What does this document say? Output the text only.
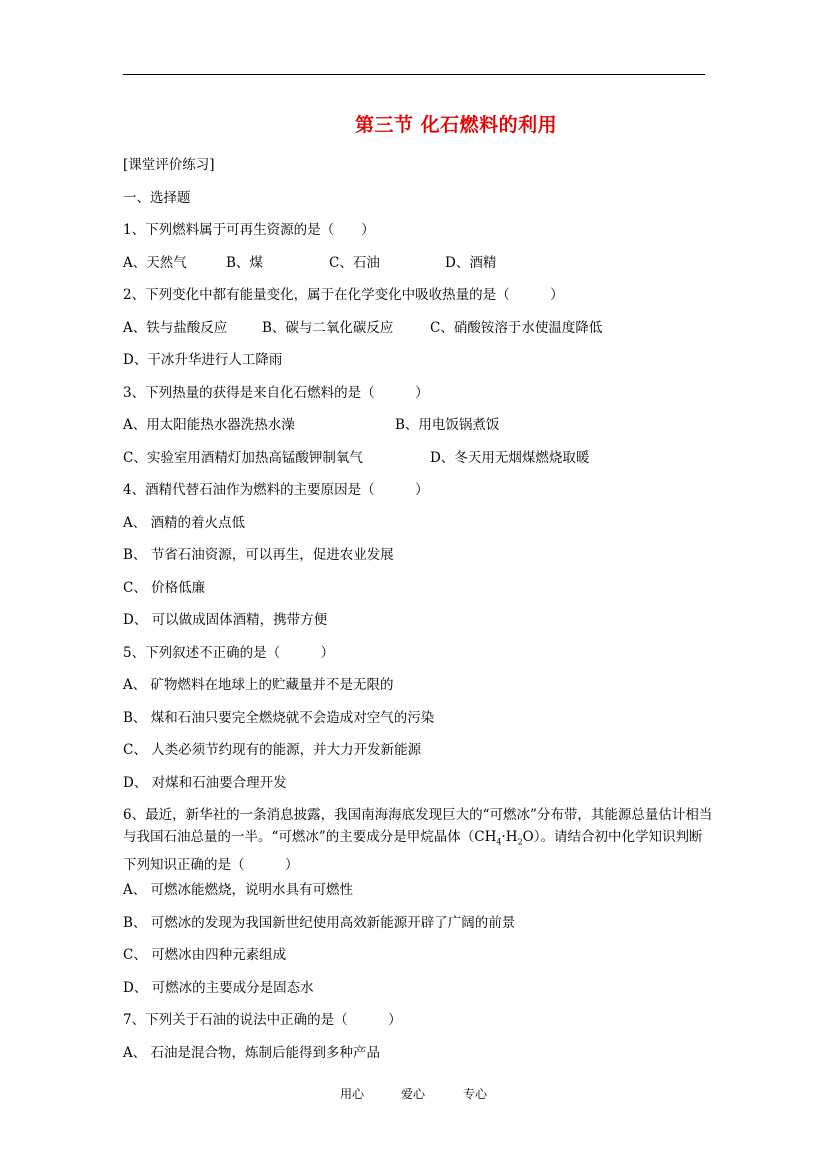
第三节 化石燃料的利用
[课堂评价练习]
一、选择题
1、下列燃料属于可再生资源的是（　　）
A、天然气	B、煤	C、石油	D、酒精
2、下列变化中都有能量变化，属于在化学变化中吸收热量的是（　　　）
A、铁与盐酸反应	B、碳与二氧化碳反应	C、硝酸铵溶于水使温度降低
D、干冰升华进行人工降雨
3、下列热量的获得是来自化石燃料的是（　　　）
A、用太阳能热水器洗热水澡	B、用电饭锅煮饭
C、实验室用酒精灯加热高锰酸钾制氧气	D、冬天用无烟煤燃烧取暖
4、酒精代替石油作为燃料的主要原因是（　　　）
A、 酒精的着火点低
B、 节省石油资源，可以再生，促进农业发展
C、 价格低廉
D、 可以做成固体酒精，携带方便
5、下列叙述不正确的是（　　　）
A、 矿物燃料在地球上的贮藏量并不是无限的
B、 煤和石油只要完全燃烧就不会造成对空气的污染
C、 人类必须节约现有的能源，并大力开发新能源
D、 对煤和石油要合理开发
6、最近，新华社的一条消息披露，我国南海海底发现巨大的“可燃冰”分布带，其能源总量估计相当与我国石油总量的一半。“可燃冰”的主要成分是甲烷晶体$(CH_4\cdot H_2O)$。请结合初中化学知识判断下列知识正确的是（　　　）
A、 可燃冰能燃烧，说明水具有可燃性
B、 可燃冰的发现为我国新世纪使用高效新能源开辟了广阔的前景
C、 可燃冰由四种元素组成
D、 可燃冰的主要成分是固态水
7、下列关于石油的说法中正确的是（　　　）
A、 石油是混合物，炼制后能得到多种产品
用心	爱心	专心
